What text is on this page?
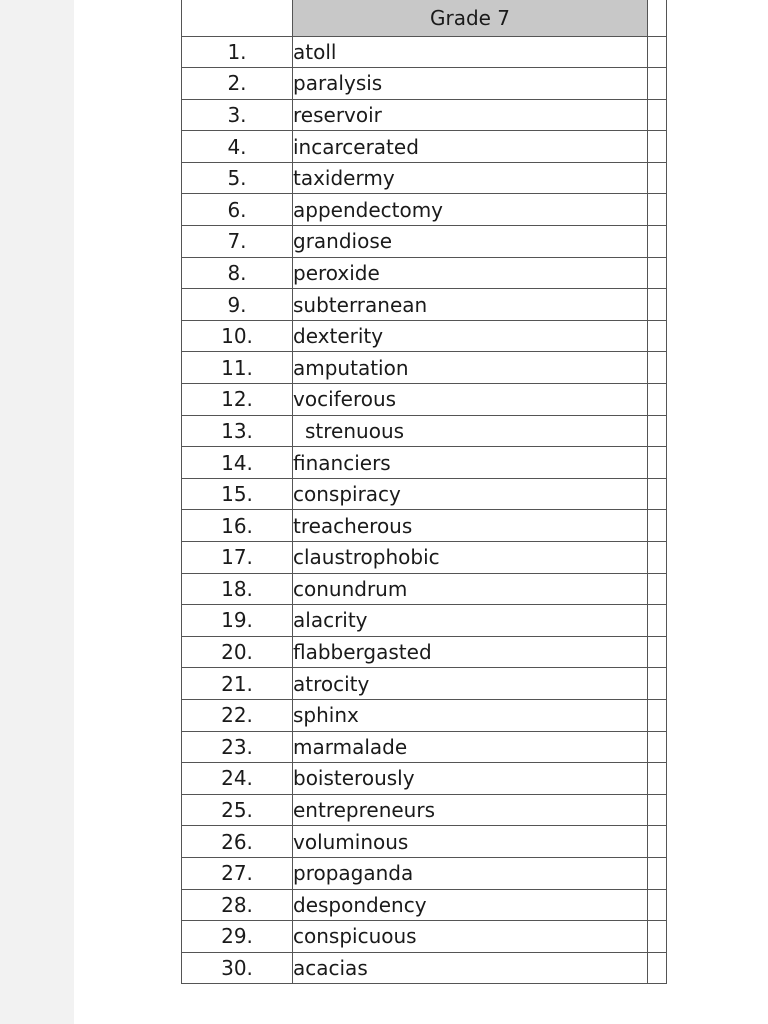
	Grade 7	
1.	atoll	
2.	paralysis	
3.	reservoir	
4.	incarcerated	
5.	taxidermy	
6.	appendectomy	
7.	grandiose	
8.	peroxide	
9.	subterranean	
10.	dexterity	
11.	amputation	
12.	vociferous	
13.	strenuous	
14.	financiers	
15.	conspiracy	
16.	treacherous	
17.	claustrophobic	
18.	conundrum	
19.	alacrity	
20.	flabbergasted	
21.	atrocity	
22.	sphinx	
23.	marmalade	
24.	boisterously	
25.	entrepreneurs	
26.	voluminous	
27.	propaganda	
28.	despondency	
29.	conspicuous	
30.	acacias	
